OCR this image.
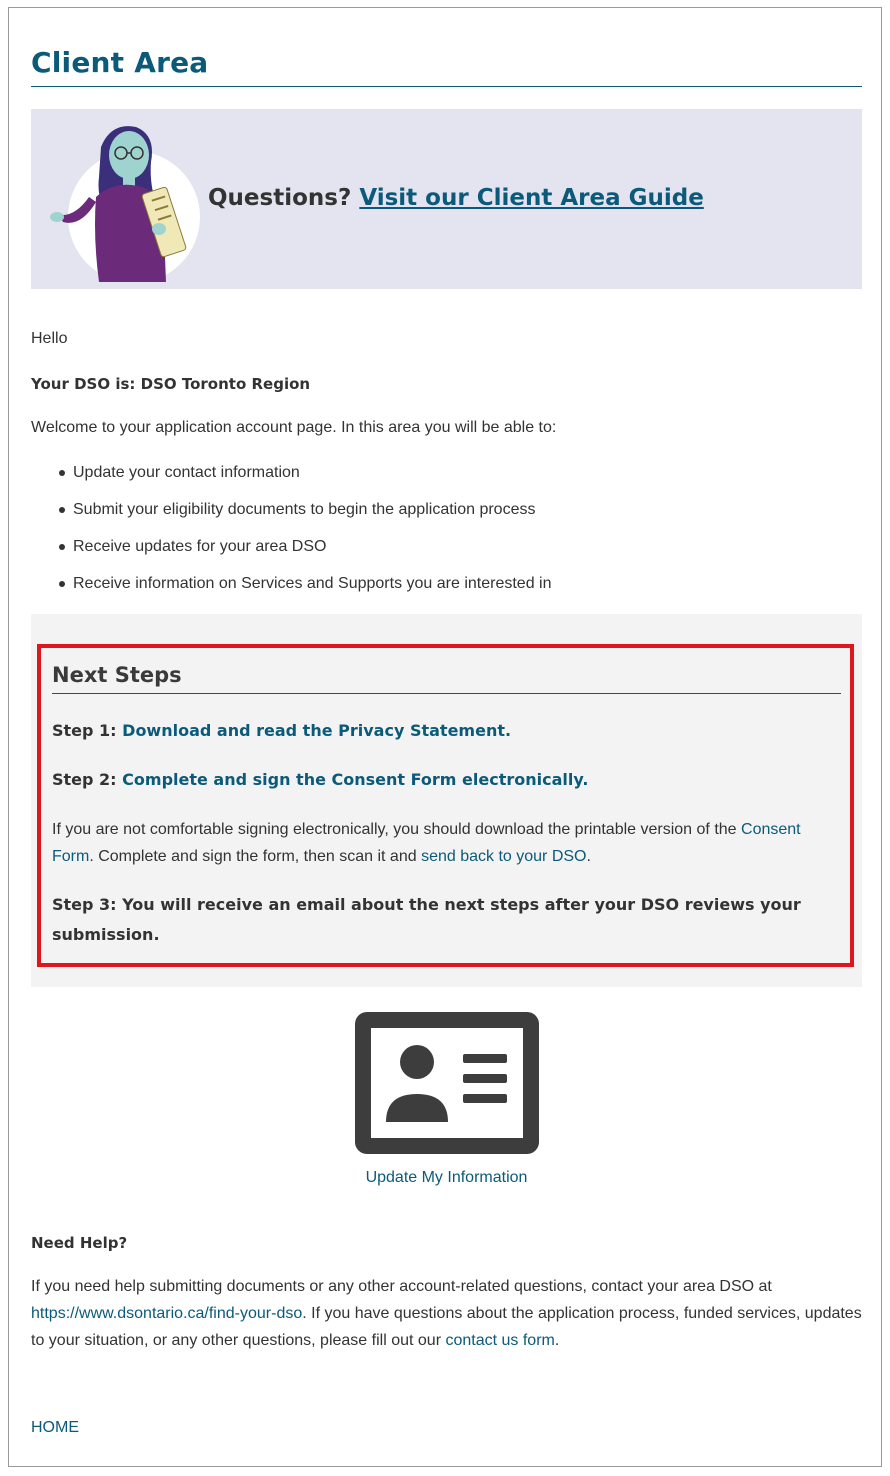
Client Area
Questions? Visit our Client Area Guide
Hello
Your DSO is: DSO Toronto Region
Welcome to your application account page. In this area you will be able to:
Update your contact information
Submit your eligibility documents to begin the application process
Receive updates for your area DSO
Receive information on Services and Supports you are interested in
Next Steps
Step 1: Download and read the Privacy Statement.
Step 2: Complete and sign the Consent Form electronically.
If you are not comfortable signing electronically, you should download the printable version of the Consent Form. Complete and sign the form, then scan it and send back to your DSO.
Step 3: You will receive an email about the next steps after your DSO reviews your submission.
Update My Information
Need Help?
If you need help submitting documents or any other account-related questions, contact your area DSO at https://www.dsontario.ca/find-your-dso. If you have questions about the application process, funded services, updates to your situation, or any other questions, please fill out our contact us form.
HOME
